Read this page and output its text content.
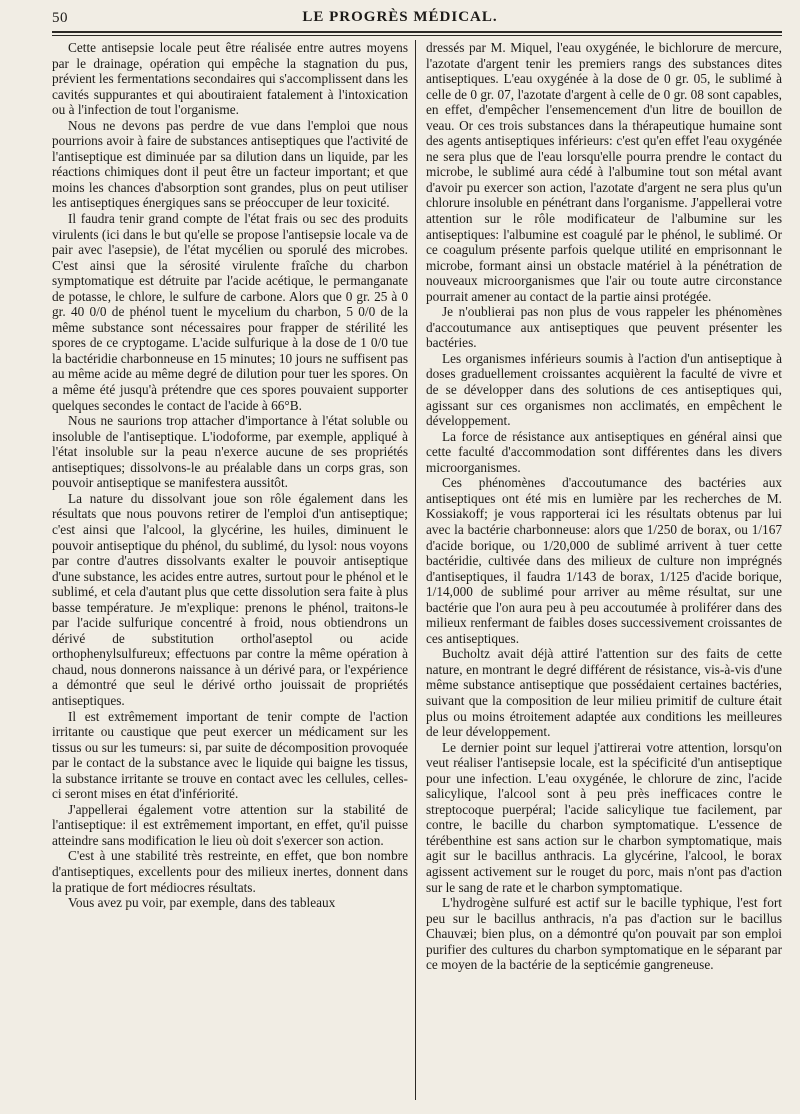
50	LE PROGRÈS MÉDICAL.

Cette antisepsie locale peut être réalisée entre autres moyens par le drainage, opération qui empêche la stagnation du pus, prévient les fermentations secondaires qui s'accomplissent dans les cavités suppurantes et qui aboutiraient fatalement à l'intoxication ou à l'infection de tout l'organisme.

Nous ne devons pas perdre de vue dans l'emploi que nous pourrions avoir à faire de substances antiseptiques que l'activité de l'antiseptique est diminuée par sa dilution dans un liquide, par les réactions chimiques dont il peut être un facteur important; et que moins les chances d'absorption sont grandes, plus on peut utiliser les antiseptiques énergiques sans se préoccuper de leur toxicité.

Il faudra tenir grand compte de l'état frais ou sec des produits virulents (ici dans le but qu'elle se propose l'antisepsie locale va de pair avec l'asepsie), de l'état mycélien ou sporulé des microbes. C'est ainsi que la sérosité virulente fraîche du charbon symptomatique est détruite par l'acide acétique, le permanganate de potasse, le chlore, le sulfure de carbone. Alors que 0 gr. 25 à 0 gr. 40 0/0 de phénol tuent le mycelium du charbon, 5 0/0 de la même substance sont nécessaires pour frapper de stérilité les spores de ce cryptogame. L'acide sulfurique à la dose de 1 0/0 tue la bactéridie charbonneuse en 15 minutes; 10 jours ne suffisent pas au même acide au même degré de dilution pour tuer les spores. On a même été jusqu'à prétendre que ces spores pouvaient supporter quelques secondes le contact de l'acide à 66°B.

Nous ne saurions trop attacher d'importance à l'état soluble ou insoluble de l'antiseptique. L'iodoforme, par exemple, appliqué à l'état insoluble sur la peau n'exerce aucune de ses propriétés antiseptiques; dissolvons-le au préalable dans un corps gras, son pouvoir antiseptique se manifestera aussitôt.

La nature du dissolvant joue son rôle également dans les résultats que nous pouvons retirer de l'emploi d'un antiseptique; c'est ainsi que l'alcool, la glycérine, les huiles, diminuent le pouvoir antiseptique du phénol, du sublimé, du lysol: nous voyons par contre d'autres dissolvants exalter le pouvoir antiseptique d'une substance, les acides entre autres, surtout pour le phénol et le sublimé, et cela d'autant plus que cette dissolution sera faite à plus basse température. Je m'explique: prenons le phénol, traitons-le par l'acide sulfurique concentré à froid, nous obtiendrons un dérivé de substitution orthol'aseptol ou acide orthophenylsulfureux; effectuons par contre la même opération à chaud, nous donnerons naissance à un dérivé para, or l'expérience a démontré que seul le dérivé ortho jouissait de propriétés antiseptiques.

Il est extrêmement important de tenir compte de l'action irritante ou caustique que peut exercer un médicament sur les tissus ou sur les tumeurs: si, par suite de décomposition provoquée par le contact de la substance avec le liquide qui baigne les tissus, la substance irritante se trouve en contact avec les cellules, celles-ci seront mises en état d'infériorité.

J'appellerai également votre attention sur la stabilité de l'antiseptique: il est extrêmement important, en effet, qu'il puisse atteindre sans modification le lieu où doit s'exercer son action.

C'est à une stabilité très restreinte, en effet, que bon nombre d'antiseptiques, excellents pour des milieux inertes, donnent dans la pratique de fort médiocres résultats.

Vous avez pu voir, par exemple, dans des tableaux

dressés par M. Miquel, l'eau oxygénée, le bichlorure de mercure, l'azotate d'argent tenir les premiers rangs des substances dites antiseptiques. L'eau oxygénée à la dose de 0 gr. 05, le sublimé à celle de 0 gr. 07, l'azotate d'argent à celle de 0 gr. 08 sont capables, en effet, d'empêcher l'ensemencement d'un litre de bouillon de veau. Or ces trois substances dans la thérapeutique humaine sont des agents antiseptiques inférieurs: c'est qu'en effet l'eau oxygénée ne sera plus que de l'eau lorsqu'elle pourra prendre le contact du microbe, le sublimé aura cédé à l'albumine tout son métal avant d'avoir pu exercer son action, l'azotate d'argent ne sera plus qu'un chlorure insoluble en pénétrant dans l'organisme. J'appellerai votre attention sur le rôle modificateur de l'albumine sur les antiseptiques: l'albumine est coagulé par le phénol, le sublimé. Or ce coagulum présente parfois quelque utilité en emprisonnant le microbe, formant ainsi un obstacle matériel à la pénétration de nouveaux microorganismes que l'air ou toute autre circonstance pourrait amener au contact de la partie ainsi protégée.

Je n'oublierai pas non plus de vous rappeler les phénomènes d'accoutumance aux antiseptiques que peuvent présenter les bactéries.

Les organismes inférieurs soumis à l'action d'un antiseptique à doses graduellement croissantes acquièrent la faculté de vivre et de se développer dans des solutions de ces antiseptiques qui, agissant sur ces organismes non acclimatés, en empêchent le développement.

La force de résistance aux antiseptiques en général ainsi que cette faculté d'accommodation sont différentes dans les divers microorganismes.

Ces phénomènes d'accoutumance des bactéries aux antiseptiques ont été mis en lumière par les recherches de M. Kossiakoff; je vous rapporterai ici les résultats obtenus par lui avec la bactérie charbonneuse: alors que 1/250 de borax, ou 1/167 d'acide borique, ou 1/20,000 de sublimé arrivent à tuer cette bactéridie, cultivée dans des milieux de culture non imprégnés d'antiseptiques, il faudra 1/143 de borax, 1/125 d'acide borique, 1/14,000 de sublimé pour arriver au même résultat, sur une bactérie que l'on aura peu à peu accoutumée à proliférer dans des milieux renfermant de faibles doses successivement croissantes de ces antiseptiques.

Bucholtz avait déjà attiré l'attention sur des faits de cette nature, en montrant le degré différent de résistance, vis-à-vis d'une même substance antiseptique que possédaient certaines bactéries, suivant que la composition de leur milieu primitif de culture était plus ou moins étroitement adaptée aux conditions les meilleures de leur développement.

Le dernier point sur lequel j'attirerai votre attention, lorsqu'on veut réaliser l'antisepsie locale, est la spécificité d'un antiseptique pour une infection. L'eau oxygénée, le chlorure de zinc, l'acide salicylique, l'alcool sont à peu près inefficaces contre le streptocoque puerpéral; l'acide salicylique tue facilement, par contre, le bacille du charbon symptomatique. L'essence de térébenthine est sans action sur le charbon symptomatique, mais agit sur le bacillus anthracis. La glycérine, l'alcool, le borax agissent activement sur le rouget du porc, mais n'ont pas d'action sur le sang de rate et le charbon symptomatique.

L'hydrogène sulfuré est actif sur le bacille typhique, l'est fort peu sur le bacillus anthracis, n'a pas d'action sur le bacillus Chauvæi; bien plus, on a démontré qu'on pouvait par son emploi purifier des cultures du charbon symptomatique en le séparant par ce moyen de la bactérie de la septicémie gangreneuse.
